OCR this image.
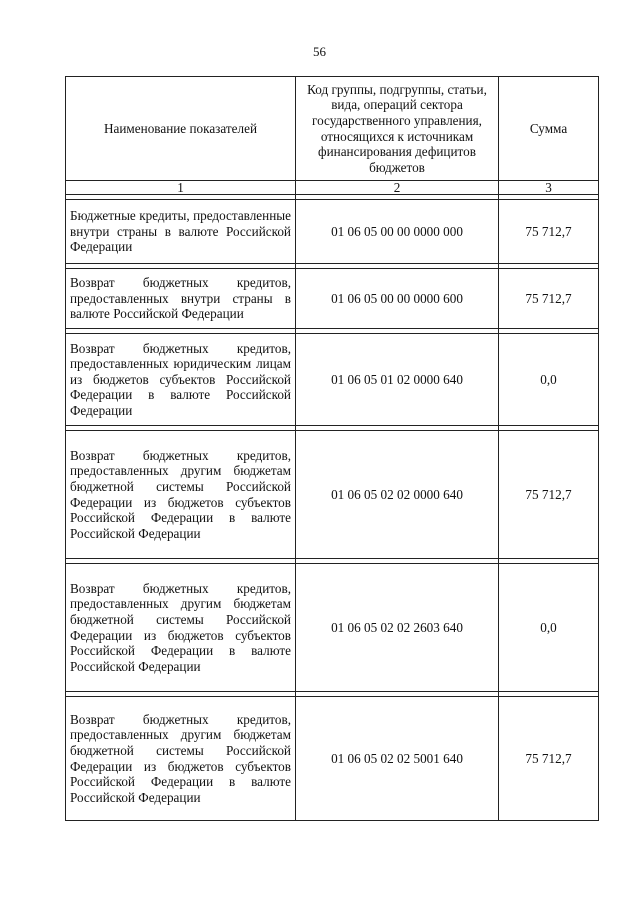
56
Наименование показателей	Код группы, подгруппы, статьи, вида, операций сектора государственного управления, относящихся к источникам финансирования дефицитов бюджетов	Сумма
1	2	3

Бюджетные кредиты, предоставленные внутри страны в валюте Российской Федерации	01 06 05 00 00 0000 000	75 712,7

Возврат бюджетных кредитов, предоставленных внутри страны в валюте Российской Федерации	01 06 05 00 00 0000 600	75 712,7

Возврат бюджетных кредитов, предоставленных юридическим лицам из бюджетов субъектов Российской Федерации в валюте Российской Федерации	01 06 05 01 02 0000 640	0,0

Возврат бюджетных кредитов, предоставленных другим бюджетам бюджетной системы Российской Федерации из бюджетов субъектов Российской Федерации в валюте Российской Федерации	01 06 05 02 02 0000 640	75 712,7

Возврат бюджетных кредитов, предоставленных другим бюджетам бюджетной системы Российской Федерации из бюджетов субъектов Российской Федерации в валюте Российской Федерации	01 06 05 02 02 2603 640	0,0

Возврат бюджетных кредитов, предоставленных другим бюджетам бюджетной системы Российской Федерации из бюджетов субъектов Российской Федерации в валюте Российской Федерации	01 06 05 02 02 5001 640	75 712,7
